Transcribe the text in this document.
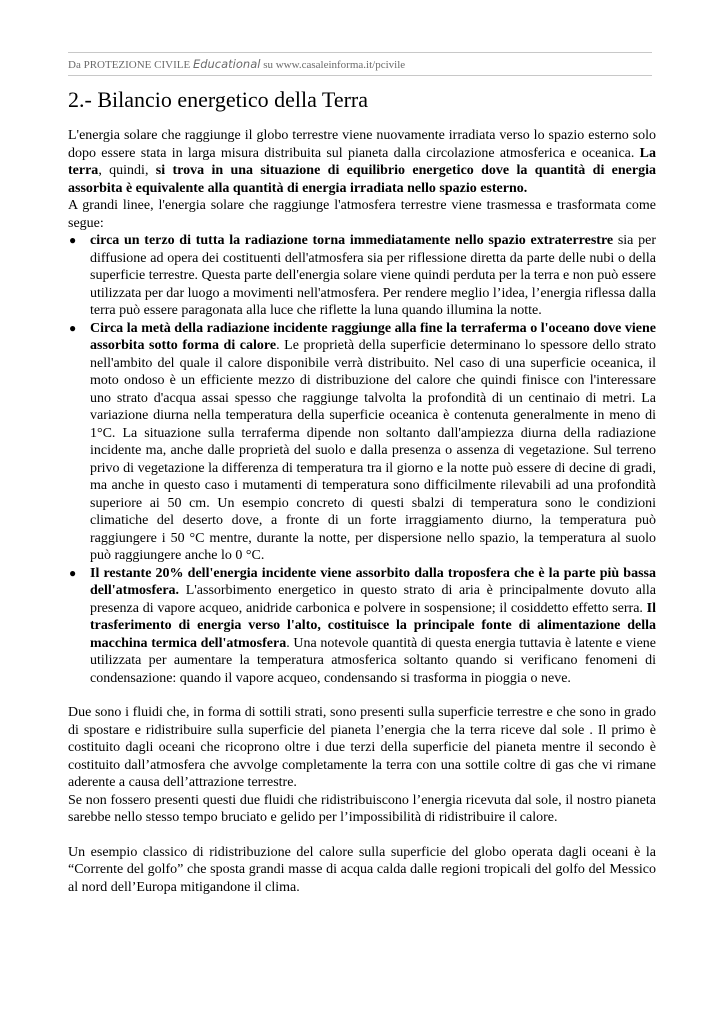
Da PROTEZIONE CIVILE Educational su www.casaleinforma.it/pcivile
2.- Bilancio energetico della Terra

L'energia solare che raggiunge il globo terrestre viene nuovamente irradiata verso lo spazio esterno solo dopo essere stata in larga misura distribuita sul pianeta dalla circolazione atmosferica e oceanica. La terra, quindi, si trova in una situazione di equilibrio energetico dove la quantità di energia assorbita è equivalente alla quantità di energia irradiata nello spazio esterno.

A grandi linee, l'energia solare che raggiunge l'atmosfera terrestre viene trasmessa e trasformata come segue:

● circa un terzo di tutta la radiazione torna immediatamente nello spazio extraterrestre sia per diffusione ad opera dei costituenti dell'atmosfera sia per riflessione diretta da parte delle nubi o della superficie terrestre. Questa parte dell'energia solare viene quindi perduta per la terra e non può essere utilizzata per dar luogo a movimenti nell'atmosfera. Per rendere meglio l’idea, l’energia riflessa dalla terra può essere paragonata alla luce che riflette la luna quando illumina la notte.
● Circa la metà della radiazione incidente raggiunge alla fine la terraferma o l'oceano dove viene assorbita sotto forma di calore. Le proprietà della superficie determinano lo spessore dello strato nell'ambito del quale il calore disponibile verrà distribuito. Nel caso di una superficie oceanica, il moto ondoso è un efficiente mezzo di distribuzione del calore che quindi finisce con l'interessare uno strato d'acqua assai spesso che raggiunge talvolta la profondità di un centinaio di metri. La variazione diurna nella temperatura della superficie oceanica è contenuta generalmente in meno di 1°C. La situazione sulla terraferma dipende non soltanto dall'ampiezza diurna della radiazione incidente ma, anche dalle proprietà del suolo e dalla presenza o assenza di vegetazione. Sul terreno privo di vegetazione la differenza di temperatura tra il giorno e la notte può essere di decine di gradi, ma anche in questo caso i mutamenti di temperatura sono difficilmente rilevabili ad una profondità superiore ai 50 cm. Un esempio concreto di questi sbalzi di temperatura sono le condizioni climatiche del deserto dove, a fronte di un forte irraggiamento diurno, la temperatura può raggiungere i 50 °C mentre, durante la notte, per dispersione nello spazio, la temperatura al suolo può raggiungere anche lo 0 °C.
● Il restante 20% dell'energia incidente viene assorbito dalla troposfera che è la parte più bassa dell'atmosfera. L'assorbimento energetico in questo strato di aria è principalmente dovuto alla presenza di vapore acqueo, anidride carbonica e polvere in sospensione; il cosiddetto effetto serra. Il trasferimento di energia verso l'alto, costituisce la principale fonte di alimentazione della macchina termica dell'atmosfera. Una notevole quantità di questa energia tuttavia è latente e viene utilizzata per aumentare la temperatura atmosferica soltanto quando si verificano fenomeni di condensazione: quando il vapore acqueo, condensando si trasforma in pioggia o neve.

Due sono i fluidi che, in forma di sottili strati, sono presenti sulla superficie terrestre e che sono in grado di spostare e ridistribuire sulla superficie del pianeta l’energia che la terra riceve dal sole . Il primo è costituito dagli oceani che ricoprono oltre i due terzi della superficie del pianeta mentre il secondo è costituito dall’atmosfera che avvolge completamente la terra con una sottile coltre di gas che vi rimane aderente a causa dell’attrazione terrestre.

Se non fossero presenti questi due fluidi che ridistribuiscono l’energia ricevuta dal sole, il nostro pianeta sarebbe nello stesso tempo bruciato e gelido per l’impossibilità di ridistribuire il calore.

Un esempio classico di ridistribuzione del calore sulla superficie del globo operata dagli oceani è la “Corrente del golfo” che sposta grandi masse di acqua calda dalle regioni tropicali del golfo del Messico al nord dell’Europa mitigandone il clima.
